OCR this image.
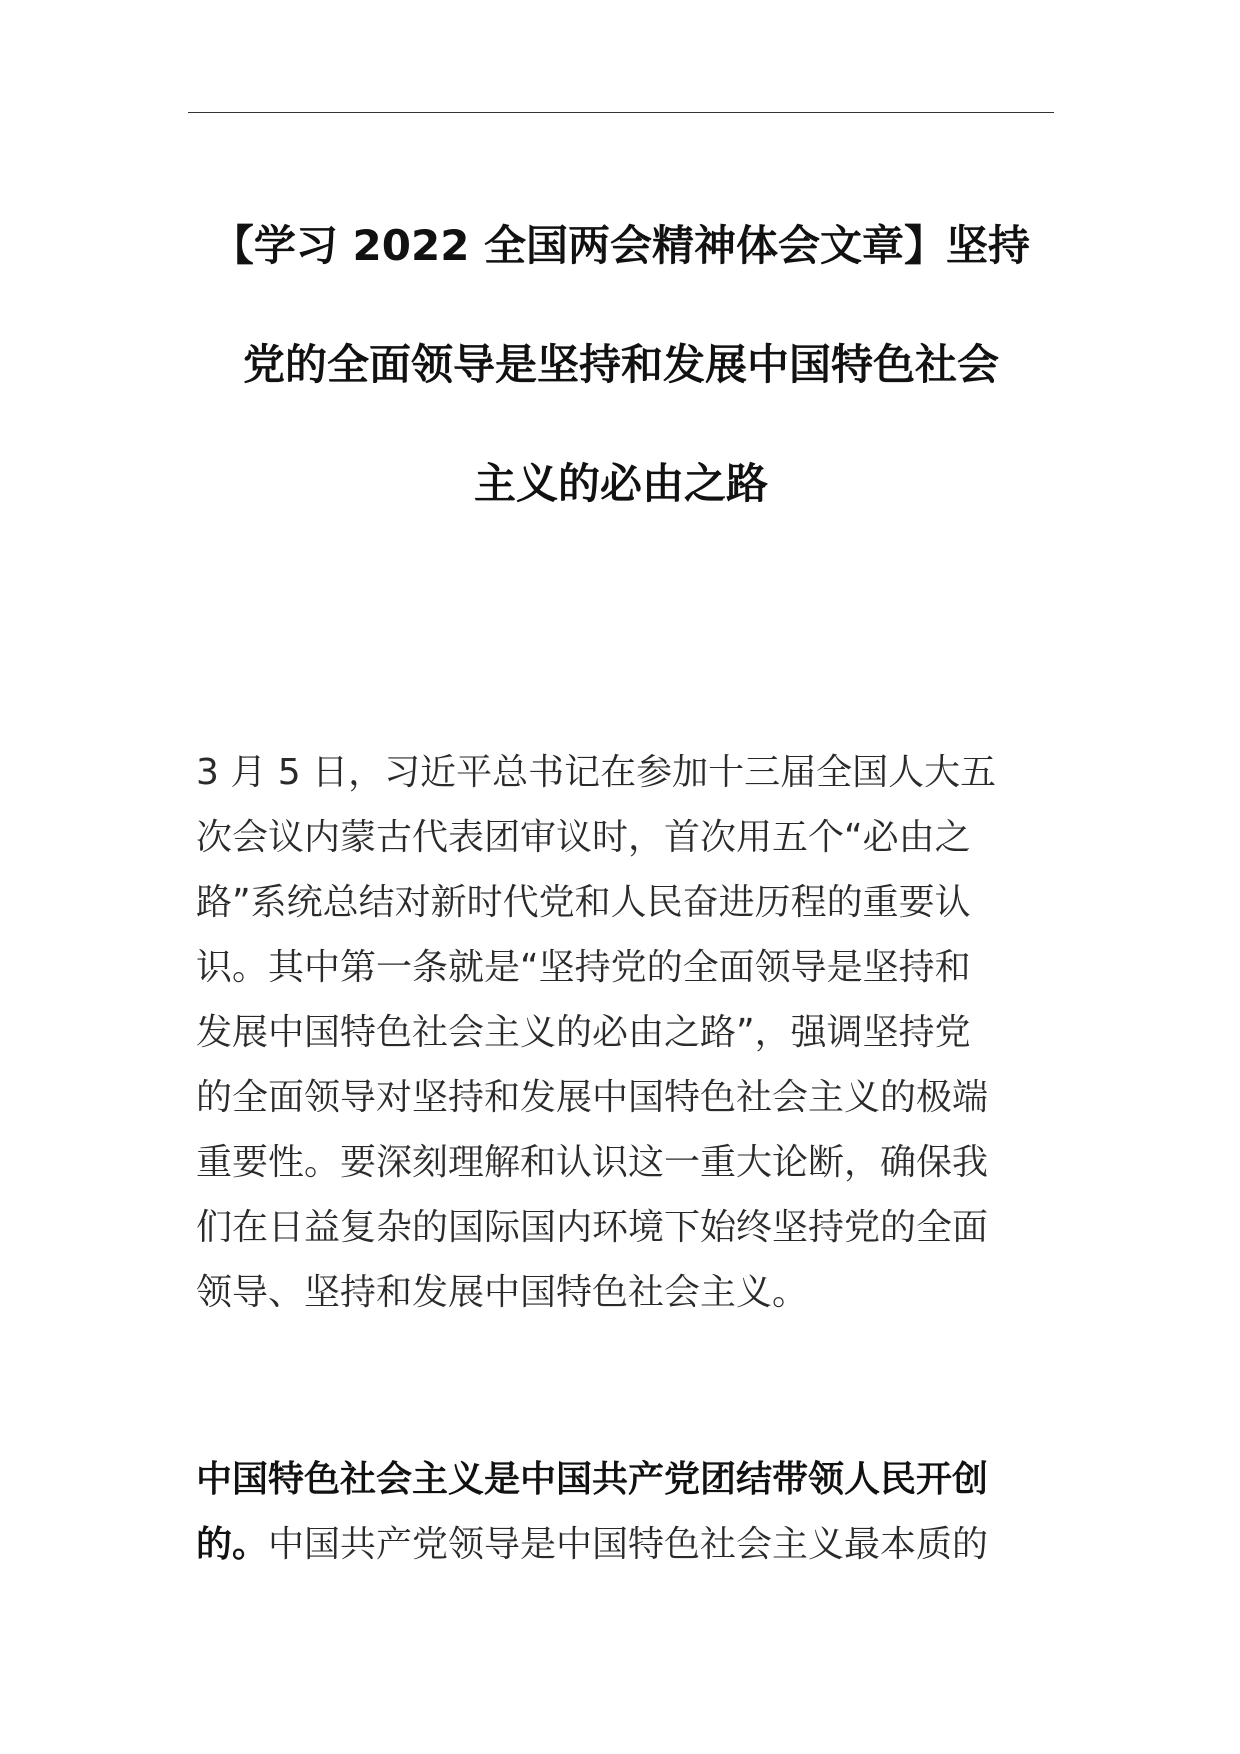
【学习 2022 全国两会精神体会文章】坚持
党的全面领导是坚持和发展中国特色社会
主义的必由之路

3 月 5 日，习近平总书记在参加十三届全国人大五
次会议内蒙古代表团审议时，首次用五个“必由之
路”系统总结对新时代党和人民奋进历程的重要认
识。其中第一条就是“坚持党的全面领导是坚持和
发展中国特色社会主义的必由之路”，强调坚持党
的全面领导对坚持和发展中国特色社会主义的极端
重要性。要深刻理解和认识这一重大论断，确保我
们在日益复杂的国际国内环境下始终坚持党的全面
领导、坚持和发展中国特色社会主义。

中国特色社会主义是中国共产党团结带领人民开创
的。中国共产党领导是中国特色社会主义最本质的
